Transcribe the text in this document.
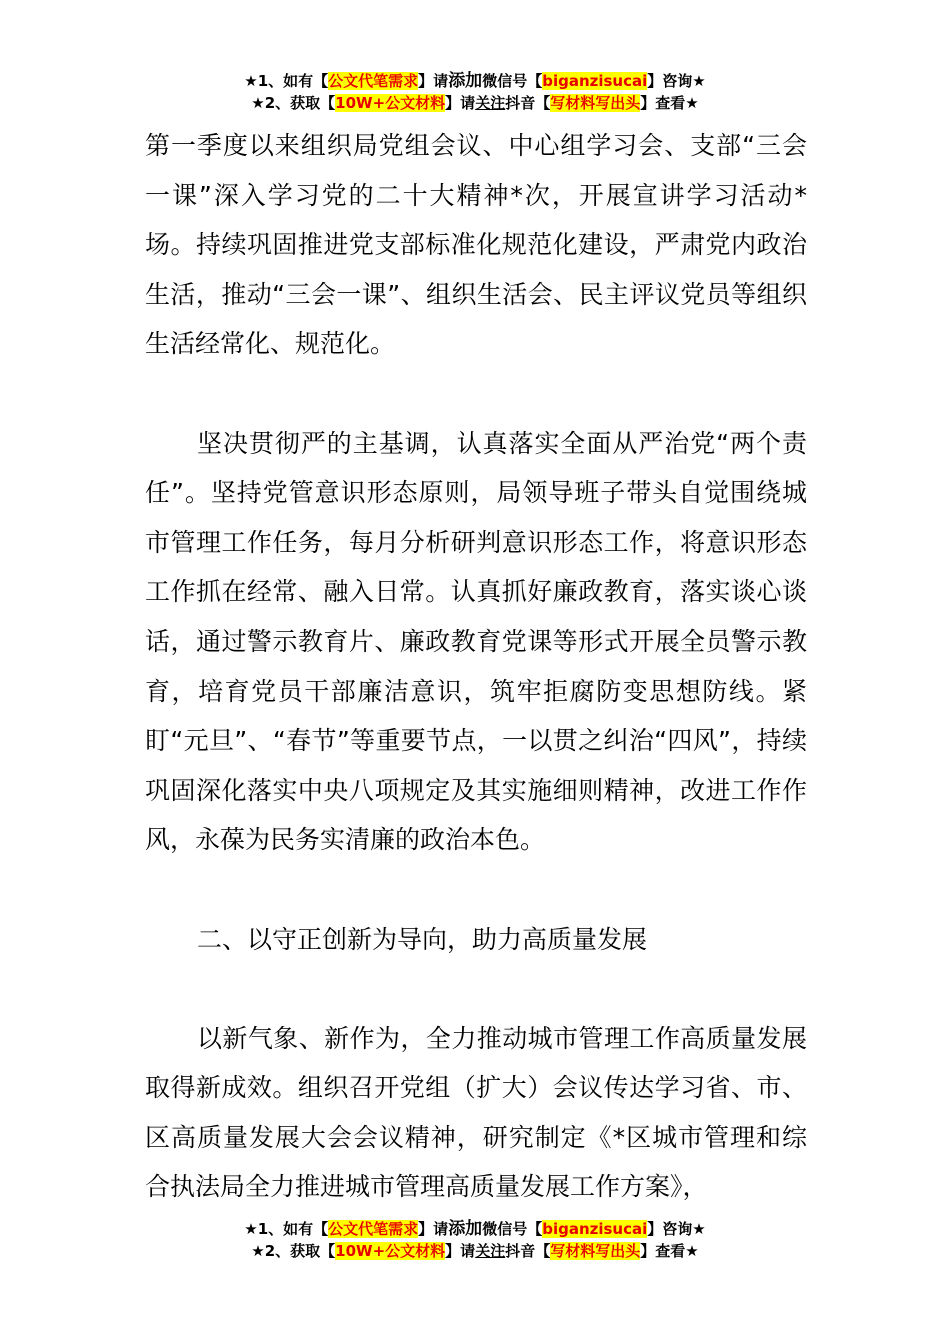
★1、如有【公文代笔需求】请添加微信号【biganzisucai】咨询★
★2、获取【10W+公文材料】请关注抖音【写材料写出头】查看★

第一季度以来组织局党组会议、中心组学习会、支部“三会一课”深入学习党的二十大精神*次，开展宣讲学习活动*场。持续巩固推进党支部标准化规范化建设，严肃党内政治生活，推动“三会一课”、组织生活会、民主评议党员等组织生活经常化、规范化。

坚决贯彻严的主基调，认真落实全面从严治党“两个责任”。坚持党管意识形态原则，局领导班子带头自觉围绕城市管理工作任务，每月分析研判意识形态工作，将意识形态工作抓在经常、融入日常。认真抓好廉政教育，落实谈心谈话，通过警示教育片、廉政教育党课等形式开展全员警示教育，培育党员干部廉洁意识，筑牢拒腐防变思想防线。紧盯“元旦”、“春节”等重要节点，一以贯之纠治“四风”，持续巩固深化落实中央八项规定及其实施细则精神，改进工作作风，永葆为民务实清廉的政治本色。

二、以守正创新为导向，助力高质量发展

以新气象、新作为，全力推动城市管理工作高质量发展取得新成效。组织召开党组（扩大）会议传达学习省、市、区高质量发展大会会议精神，研究制定《*区城市管理和综合执法局全力推进城市管理高质量发展工作方案》，

★1、如有【公文代笔需求】请添加微信号【biganzisucai】咨询★
★2、获取【10W+公文材料】请关注抖音【写材料写出头】查看★
